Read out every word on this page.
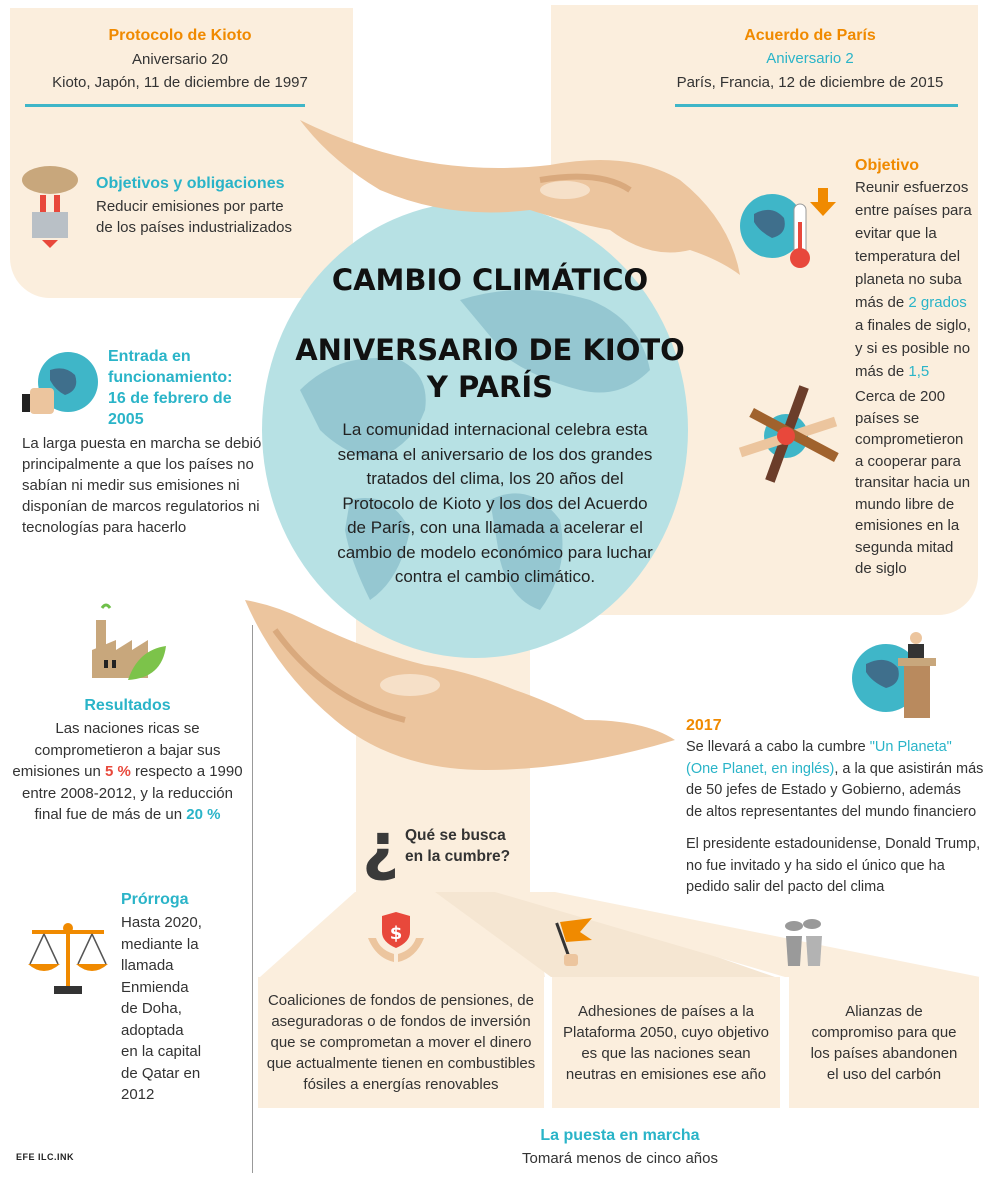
Protocolo de Kioto
Aniversario 20
Kioto, Japón, 11 de diciembre de 1997
Acuerdo de París
Aniversario 2
París, Francia, 12 de diciembre de 2015
CAMBIO CLIMÁTICO
ANIVERSARIO DE KIOTO
Y PARÍS
La comunidad internacional celebra esta
semana el aniversario de los dos grandes
tratados del clima, los 20 años del
Protocolo de Kioto y los dos del Acuerdo
de París, con una llamada a acelerar el
cambio de modelo económico para luchar
contra el cambio climático.
Objetivos y obligaciones
Reducir emisiones por parte
de los países industrializados
Entrada en
funcionamiento:
16 de febrero de
2005
La larga puesta en marcha se debió
principalmente a que los países no
sabían ni medir sus emisiones ni
disponían de marcos regulatorios ni
tecnologías para hacerlo
Resultados
Las naciones ricas se
comprometieron a bajar sus
emisiones un 5 % respecto a 1990
entre 2008-2012, y la reducción
final fue de más de un 20 %
Prórroga
Hasta 2020,
mediante la
llamada
Enmienda
de Doha,
adoptada
en la capital
de Qatar en
2012
Objetivo
Reunir esfuerzos
entre países para
evitar que la
temperatura del
planeta no suba
más de 2 grados
a finales de siglo,
y si es posible no
más de 1,5
Cerca de 200
países se
comprometieron
a cooperar para
transitar hacia un
mundo libre de
emisiones en la
segunda mitad
de siglo
2017
Se llevará a cabo la cumbre "Un Planeta"
(One Planet, en inglés), a la que asistirán más
de 50 jefes de Estado y Gobierno, además
de altos representantes del mundo financiero
El presidente estadounidense, Donald Trump,
no fue invitado y ha sido el único que ha
pedido salir del pacto del clima
¿ Qué se busca
en la cumbre?
$
Coaliciones de fondos de pensiones, de
aseguradoras o de fondos de inversión
que se comprometan a mover el dinero
que actualmente tienen en combustibles
fósiles a energías renovables
Adhesiones de países a la
Plataforma 2050, cuyo objetivo
es que las naciones sean
neutras en emisiones ese año
Alianzas de
compromiso para que
los países abandonen
el uso del carbón
La puesta en marcha
Tomará menos de cinco años
EFE ILC.INK
